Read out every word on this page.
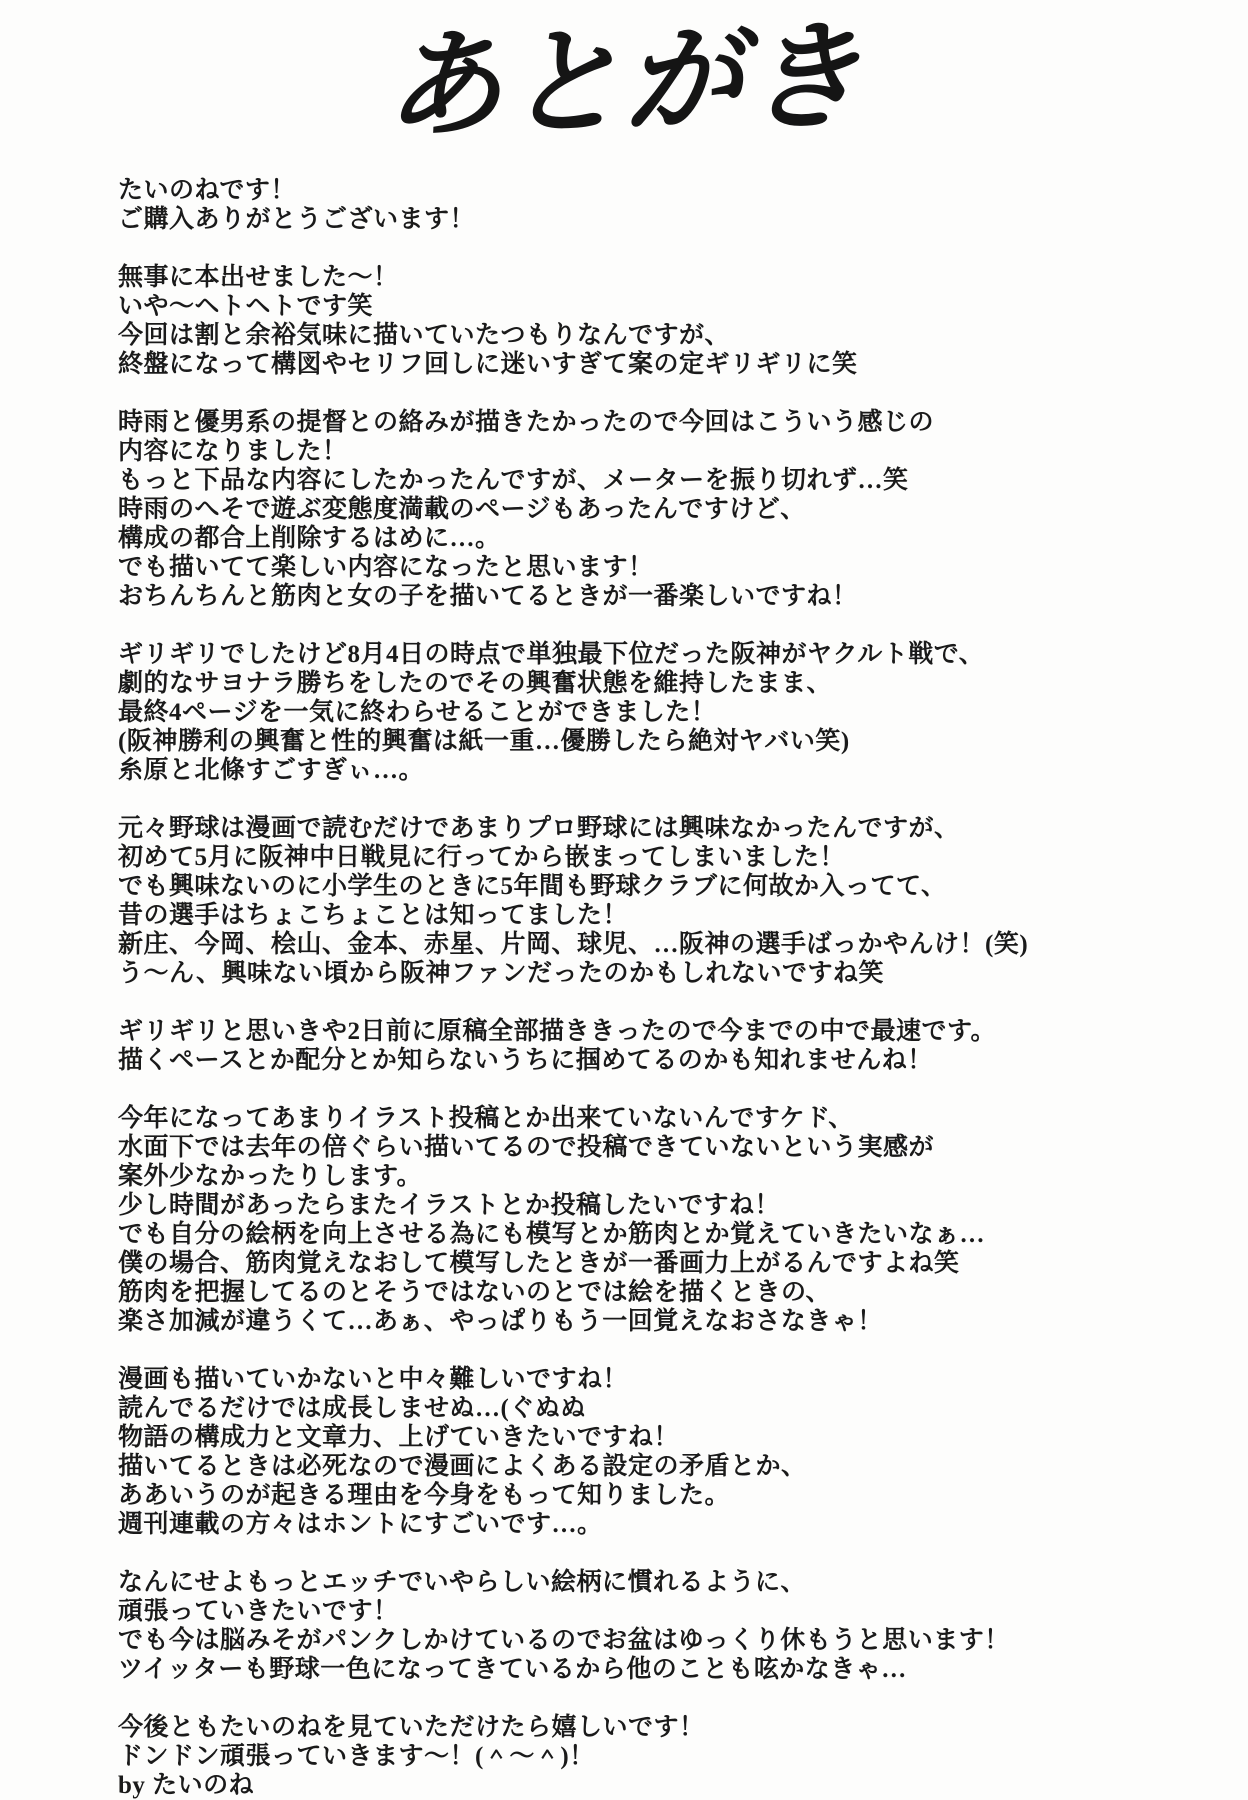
あとがき

たいのねです！
ご購入ありがとうございます！

無事に本出せました～！
いや～ヘトヘトです笑
今回は割と余裕気味に描いていたつもりなんですが、
終盤になって構図やセリフ回しに迷いすぎて案の定ギリギリに笑

時雨と優男系の提督との絡みが描きたかったので今回はこういう感じの
内容になりました！
もっと下品な内容にしたかったんですが、メーターを振り切れず…笑
時雨のへそで遊ぶ変態度満載のページもあったんですけど、
構成の都合上削除するはめに…。
でも描いてて楽しい内容になったと思います！
おちんちんと筋肉と女の子を描いてるときが一番楽しいですね！

ギリギリでしたけど8月4日の時点で単独最下位だった阪神がヤクルト戦で、
劇的なサヨナラ勝ちをしたのでその興奮状態を維持したまま、
最終4ページを一気に終わらせることができました！
(阪神勝利の興奮と性的興奮は紙一重…優勝したら絶対ヤバい笑)
糸原と北條すごすぎぃ…。

元々野球は漫画で読むだけであまりプロ野球には興味なかったんですが、
初めて5月に阪神中日戦見に行ってから嵌まってしまいました！
でも興味ないのに小学生のときに5年間も野球クラブに何故か入ってて、
昔の選手はちょこちょことは知ってました！
新庄、今岡、桧山、金本、赤星、片岡、球児、…阪神の選手ばっかやんけ！(笑)
う～ん、興味ない頃から阪神ファンだったのかもしれないですね笑

ギリギリと思いきや2日前に原稿全部描ききったので今までの中で最速です。
描くペースとか配分とか知らないうちに掴めてるのかも知れませんね！

今年になってあまりイラスト投稿とか出来ていないんですケド、
水面下では去年の倍ぐらい描いてるので投稿できていないという実感が
案外少なかったりします。
少し時間があったらまたイラストとか投稿したいですね！
でも自分の絵柄を向上させる為にも模写とか筋肉とか覚えていきたいなぁ…
僕の場合、筋肉覚えなおして模写したときが一番画力上がるんですよね笑
筋肉を把握してるのとそうではないのとでは絵を描くときの、
楽さ加減が違うくて…あぁ、やっぱりもう一回覚えなおさなきゃ！

漫画も描いていかないと中々難しいですね！
読んでるだけでは成長しませぬ…(ぐぬぬ
物語の構成力と文章力、上げていきたいですね！
描いてるときは必死なので漫画によくある設定の矛盾とか、
ああいうのが起きる理由を今身をもって知りました。
週刊連載の方々はホントにすごいです…。

なんにせよもっとエッチでいやらしい絵柄に慣れるように、
頑張っていきたいです！
でも今は脳みそがパンクしかけているのでお盆はゆっくり休もうと思います！
ツイッターも野球一色になってきているから他のことも呟かなきゃ…

今後ともたいのねを見ていただけたら嬉しいです！
ドンドン頑張っていきます～！(＾～＾)！
by たいのね
